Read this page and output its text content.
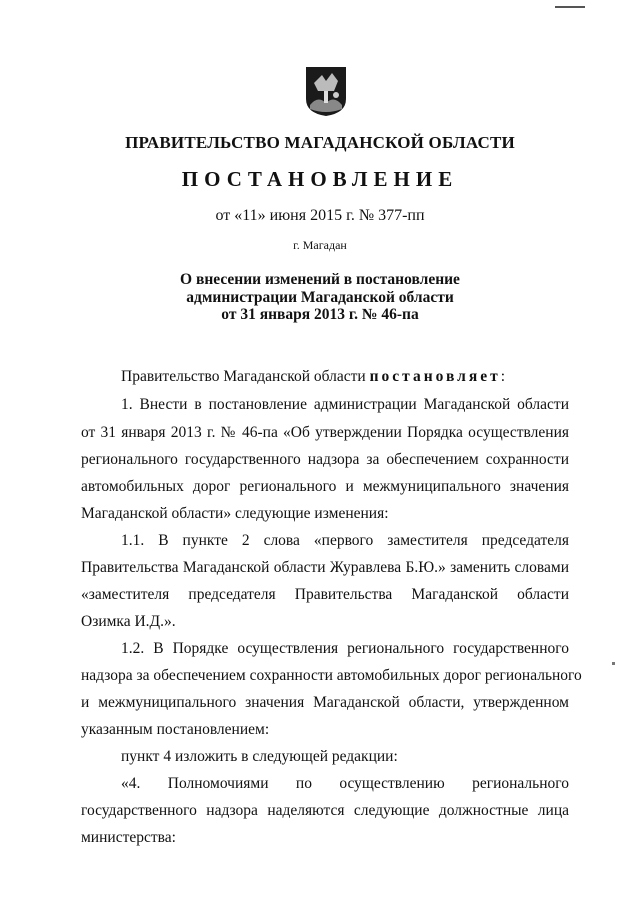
ПРАВИТЕЛЬСТВО МАГАДАНСКОЙ ОБЛАСТИ
ПОСТАНОВЛЕНИЕ
от «11» июня 2015 г. № 377-пп
г. Магадан
О внесении изменений в постановление
администрации Магаданской области
от 31 января 2013 г. № 46-па
Правительство Магаданской области постановляет:
1. Внести в постановление администрации Магаданской области
от 31 января 2013 г. № 46-па «Об утверждении Порядка осуществления
регионального государственного надзора за обеспечением сохранности
автомобильных дорог регионального и межмуниципального значения
Магаданской области» следующие изменения:
1.1. В пункте 2 слова «первого заместителя председателя
Правительства Магаданской области Журавлева Б.Ю.» заменить словами
«заместителя председателя Правительства Магаданской области
Озимка И.Д.».
1.2. В Порядке осуществления регионального государственного
надзора за обеспечением сохранности автомобильных дорог регионального
и межмуниципального значения Магаданской области, утвержденном
указанным постановлением:
пункт 4 изложить в следующей редакции:
«4. Полномочиями по осуществлению регионального
государственного надзора наделяются следующие должностные лица
министерства:
